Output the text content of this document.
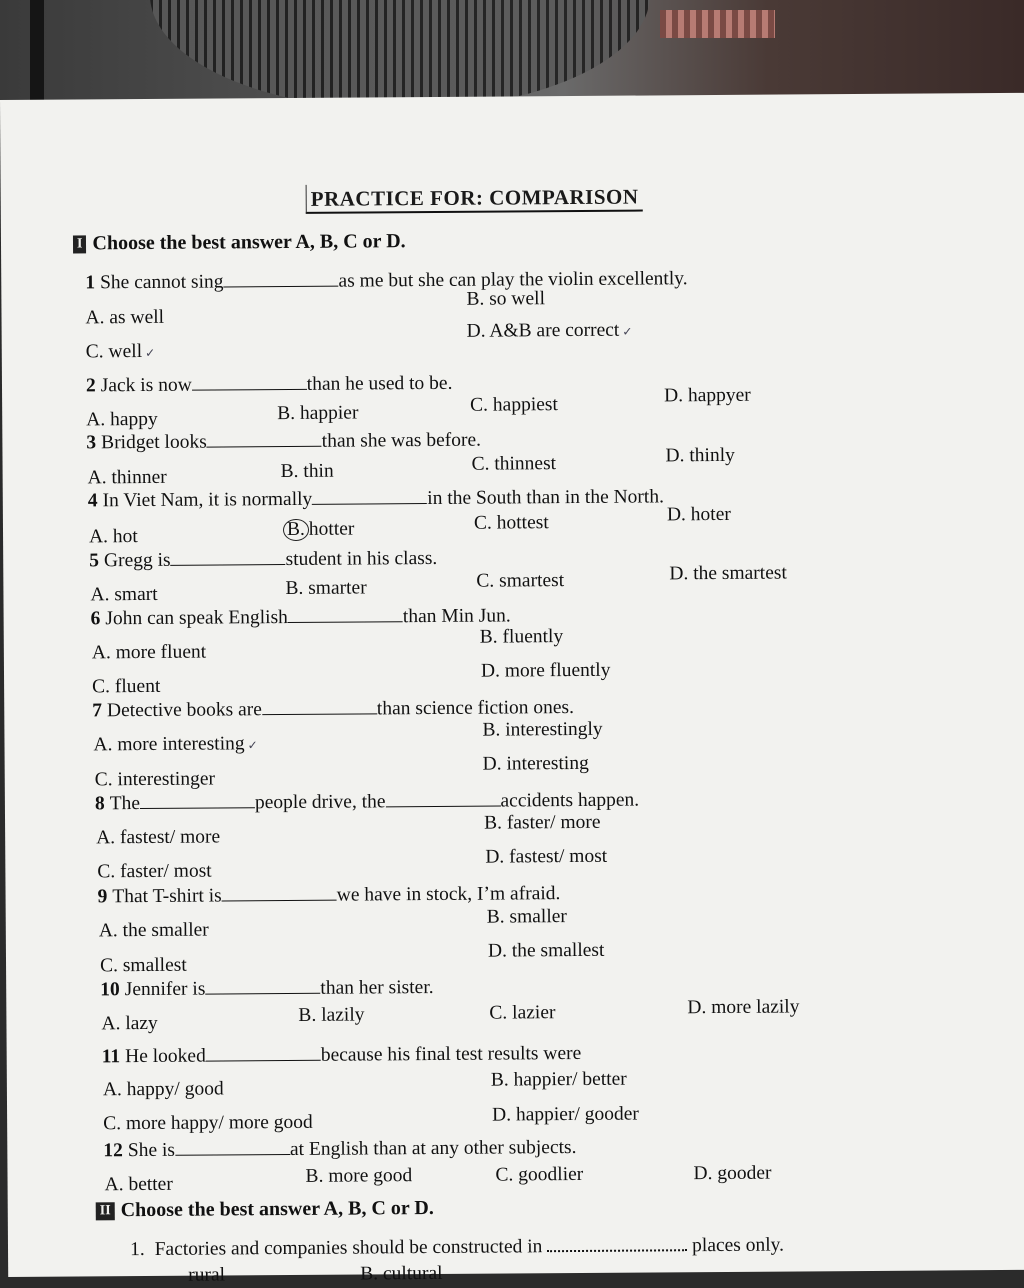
PRACTICE FOR: COMPARISON
I Choose the best answer A, B, C or D.
1 She cannot sing	as me but she can play the violin excellently.
A. as well
B. so well
C. well ✓
D. A&B are correct ✓
2 Jack is now	than he used to be.
A. happy	B. happier	C. happiest	D. happyer
3 Bridget looks	than she was before.
A. thinner	B. thin	C. thinnest	D. thinly
4 In Viet Nam, it is normally	in the South than in the North.
A. hot	B. hotter	C. hottest	D. hoter
5 Gregg is	student in his class.
A. smart	B. smarter	C. smartest	D. the smartest
6 John can speak English	than Min Jun.
A. more fluent
B. fluently
C. fluent
D. more fluently
7 Detective books are	than science fiction ones.
A. more interesting ✓
B. interestingly
C. interestinger
D. interesting
8 The	people drive, the	accidents happen.
A. fastest/ more
B. faster/ more
C. faster/ most
D. fastest/ most
9 That T-shirt is	we have in stock, I’m afraid.
A. the smaller
B. smaller
C. smallest
D. the smallest
10 Jennifer is	than her sister.
A. lazy	B. lazily	C. lazier	D. more lazily
11 He looked	because his final test results were
A. happy/ good	B. happier/ better
C. more happy/ more good	D. happier/ gooder
12 She is	at English than at any other subjects.
A. better	B. more good	C. goodlier	D. gooder
II Choose the best answer A, B, C or D.
1. Factories and companies should be constructed in	places only.
rural	B. cultural
